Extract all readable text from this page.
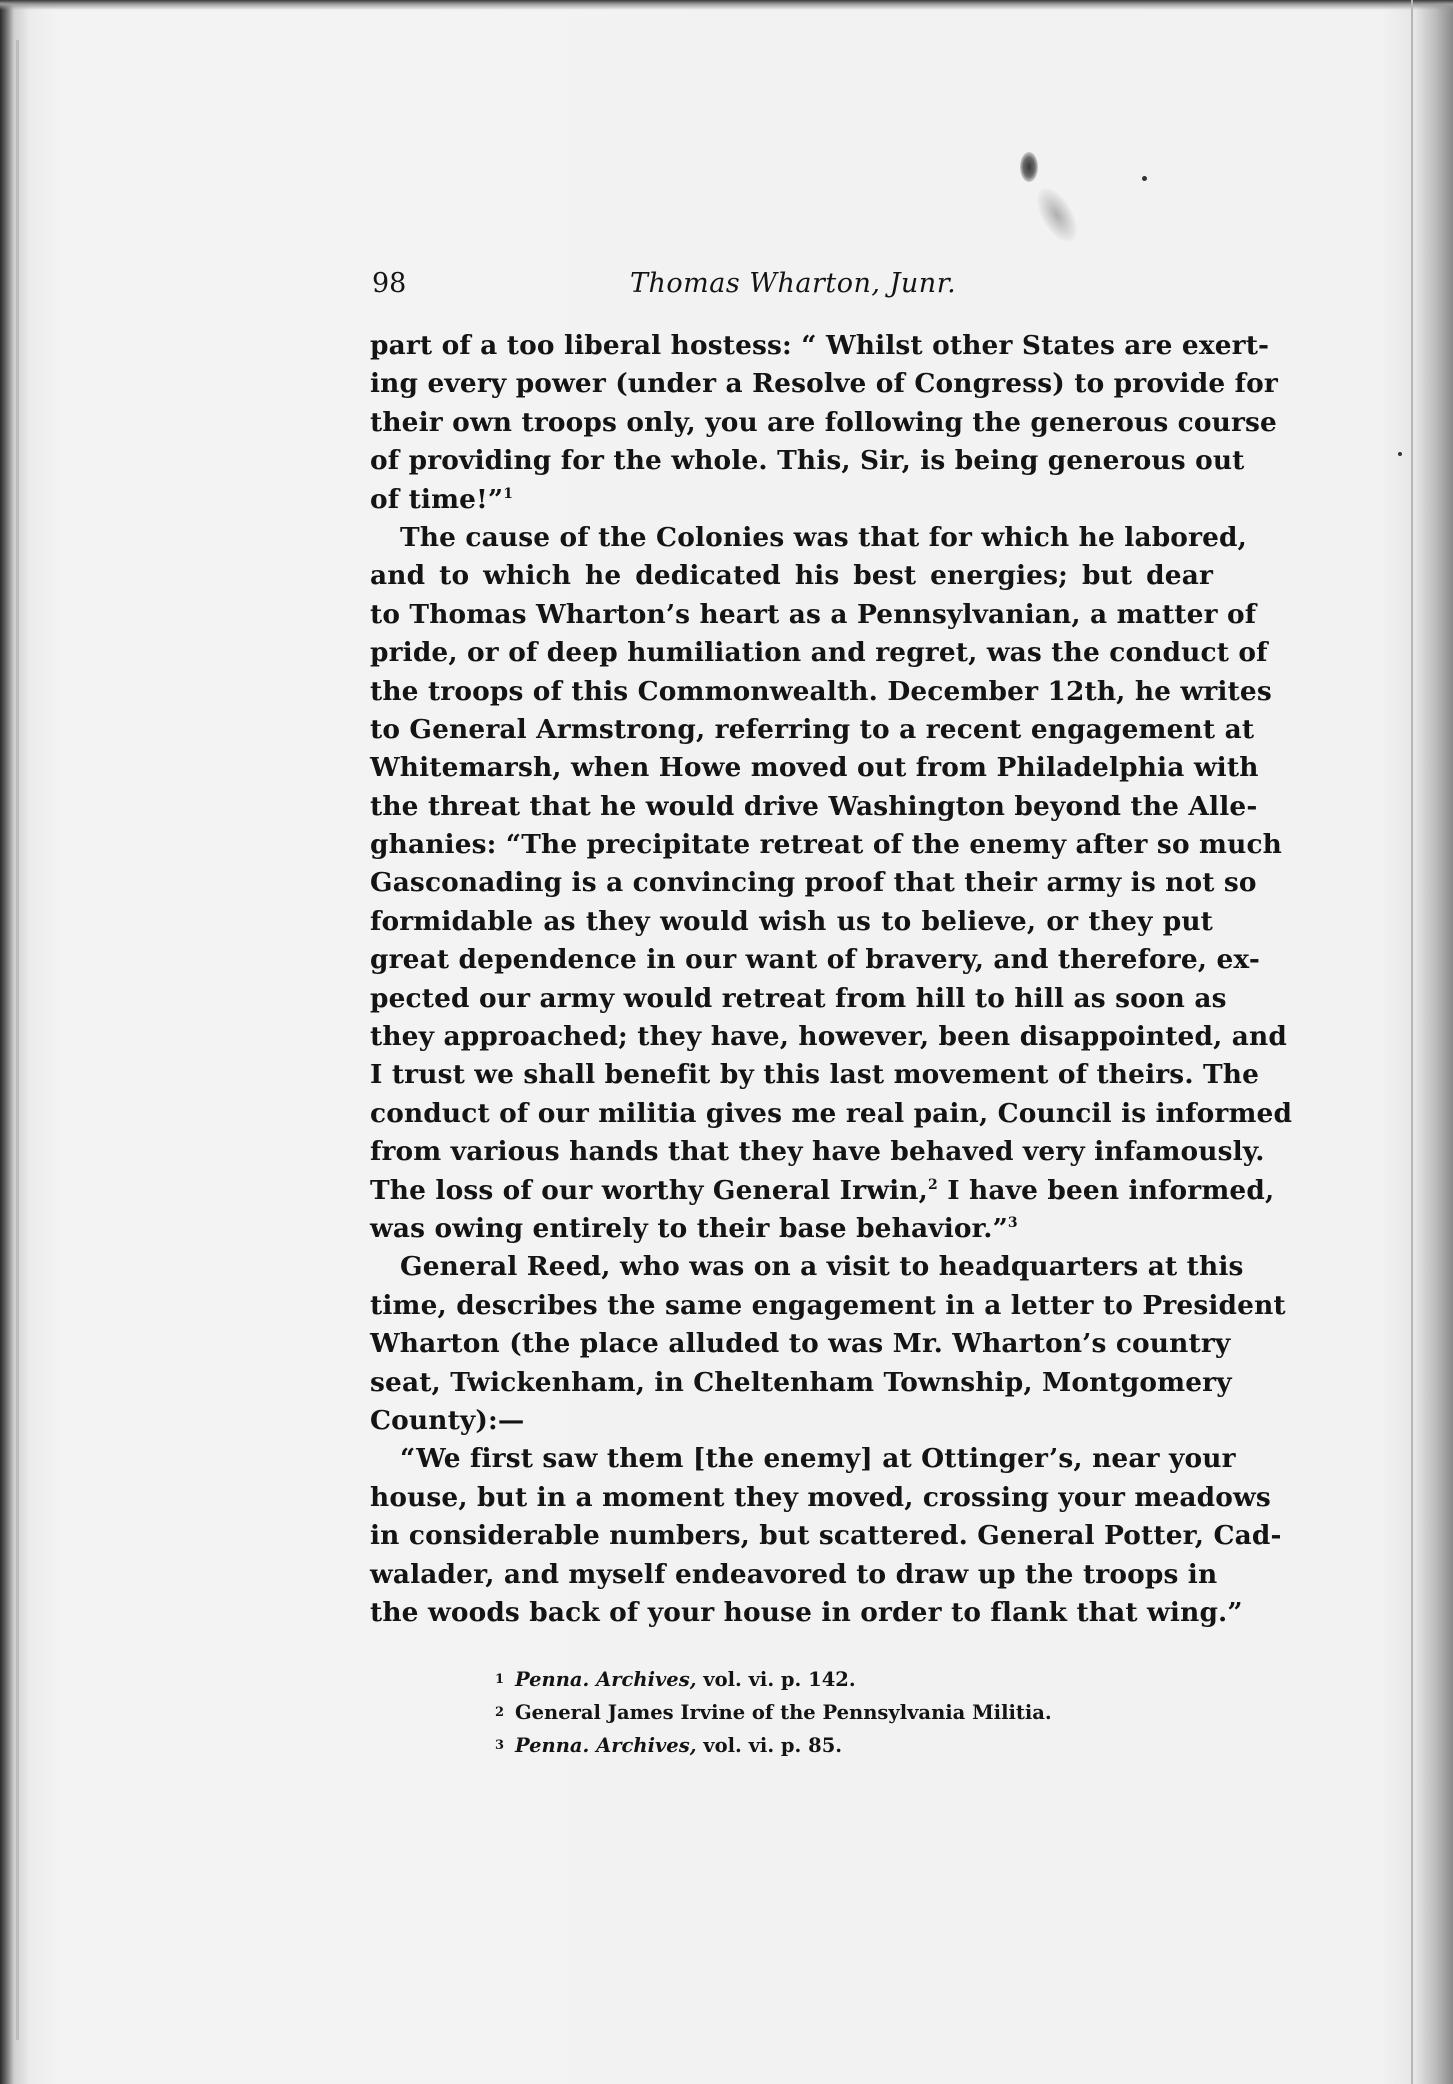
98	Thomas Wharton, Junr.
part of a too liberal hostess: “ Whilst other States are exert-
ing every power (under a Resolve of Congress) to provide for
their own troops only, you are following the generous course
of providing for the whole. This, Sir, is being generous out
of time!”$^1$
The cause of the Colonies was that for which he labored,
and to which he dedicated his best energies; but dear
to Thomas Wharton’s heart as a Pennsylvanian, a matter of
pride, or of deep humiliation and regret, was the conduct of
the troops of this Commonwealth. December 12th, he writes
to General Armstrong, referring to a recent engagement at
Whitemarsh, when Howe moved out from Philadelphia with
the threat that he would drive Washington beyond the Alle-
ghanies: “The precipitate retreat of the enemy after so much
Gasconading is a convincing proof that their army is not so
formidable as they would wish us to believe, or they put
great dependence in our want of bravery, and therefore, ex-
pected our army would retreat from hill to hill as soon as
they approached; they have, however, been disappointed, and
I trust we shall benefit by this last movement of theirs. The
conduct of our militia gives me real pain, Council is informed
from various hands that they have behaved very infamously.
The loss of our worthy General Irwin,$^2$ I have been informed,
was owing entirely to their base behavior.”$^3$
General Reed, who was on a visit to headquarters at this
time, describes the same engagement in a letter to President
Wharton (the place alluded to was Mr. Wharton’s country
seat, Twickenham, in Cheltenham Township, Montgomery
County):—
“We first saw them [the enemy] at Ottinger’s, near your
house, but in a moment they moved, crossing your meadows
in considerable numbers, but scattered. General Potter, Cad-
walader, and myself endeavored to draw up the troops in
the woods back of your house in order to flank that wing.”
1 Penna. Archives, vol. vi. p. 142.
2 General James Irvine of the Pennsylvania Militia.
3 Penna. Archives, vol. vi. p. 85.
